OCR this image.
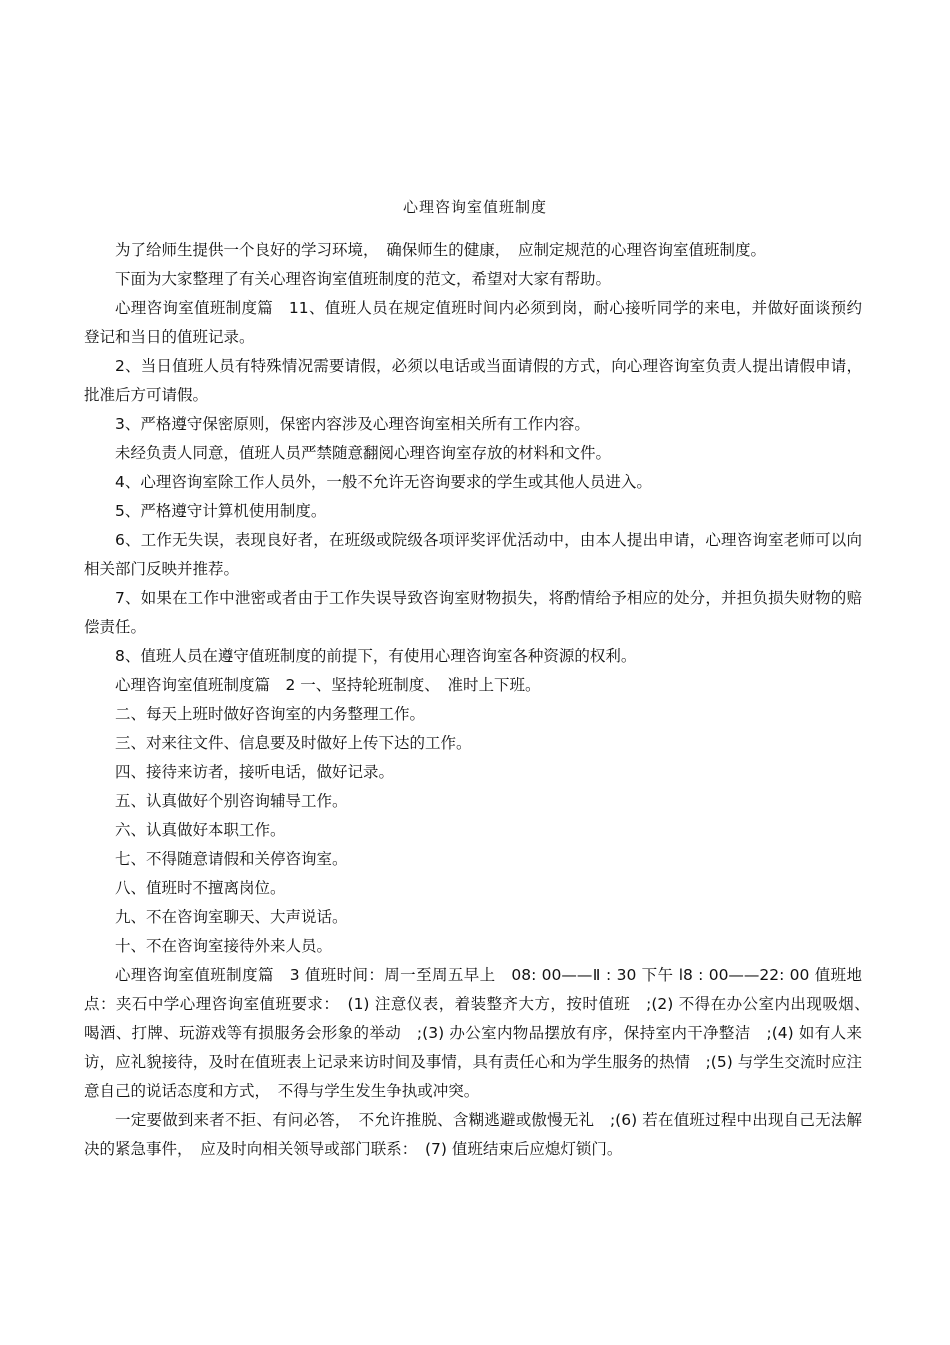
心理咨询室值班制度

为了给师生提供一个良好的学习环境，　确保师生的健康，　应制定规范的心理咨询室值班制度。

下面为大家整理了有关心理咨询室值班制度的范文，希望对大家有帮助。

心理咨询室值班制度篇　11、值班人员在规定值班时间内必须到岗，耐心接听同学的来电，并做好面谈预约登记和当日的值班记录。

2、当日值班人员有特殊情况需要请假，必须以电话或当面请假的方式，向心理咨询室负责人提出请假申请，批准后方可请假。

3、严格遵守保密原则，保密内容涉及心理咨询室相关所有工作内容。

未经负责人同意，值班人员严禁随意翻阅心理咨询室存放的材料和文件。

4、心理咨询室除工作人员外，一般不允许无咨询要求的学生或其他人员进入。

5、严格遵守计算机使用制度。

6、工作无失误，表现良好者，在班级或院级各项评奖评优活动中，由本人提出申请，心理咨询室老师可以向相关部门反映并推荐。

7、如果在工作中泄密或者由于工作失误导致咨询室财物损失，将酌情给予相应的处分，并担负损失财物的赔偿责任。

8、值班人员在遵守值班制度的前提下，有使用心理咨询室各种资源的权利。

心理咨询室值班制度篇　2 一、坚持轮班制度、　准时上下班。

二、每天上班时做好咨询室的内务整理工作。

三、对来往文件、信息要及时做好上传下达的工作。

四、接待来访者，接听电话，做好记录。

五、认真做好个别咨询辅导工作。

六、认真做好本职工作。

七、不得随意请假和关停咨询室。

八、值班时不擅离岗位。

九、不在咨询室聊天、大声说话。

十、不在咨询室接待外来人员。

心理咨询室值班制度篇　3 值班时间：周一至周五早上　08: 00——Ⅱ : 30 下午 l8 : 00——22: 00 值班地点：夹石中学心理咨询室值班要求：　(1) 注意仪表，着装整齐大方，按时值班　;(2) 不得在办公室内出现吸烟、　喝酒、打牌、玩游戏等有损服务会形象的举动　;(3) 办公室内物品摆放有序，保持室内干净整洁　;(4) 如有人来访，应礼貌接待，及时在值班表上记录来访时间及事情，具有责任心和为学生服务的热情　;(5) 与学生交流时应注意自己的说话态度和方式，　不得与学生发生争执或冲突。

一定要做到来者不拒、有问必答，　不允许推脱、含糊逃避或傲慢无礼　;(6) 若在值班过程中出现自己无法解决的紧急事件，　应及时向相关领导或部门联系：　(7) 值班结束后应熄灯锁门。
